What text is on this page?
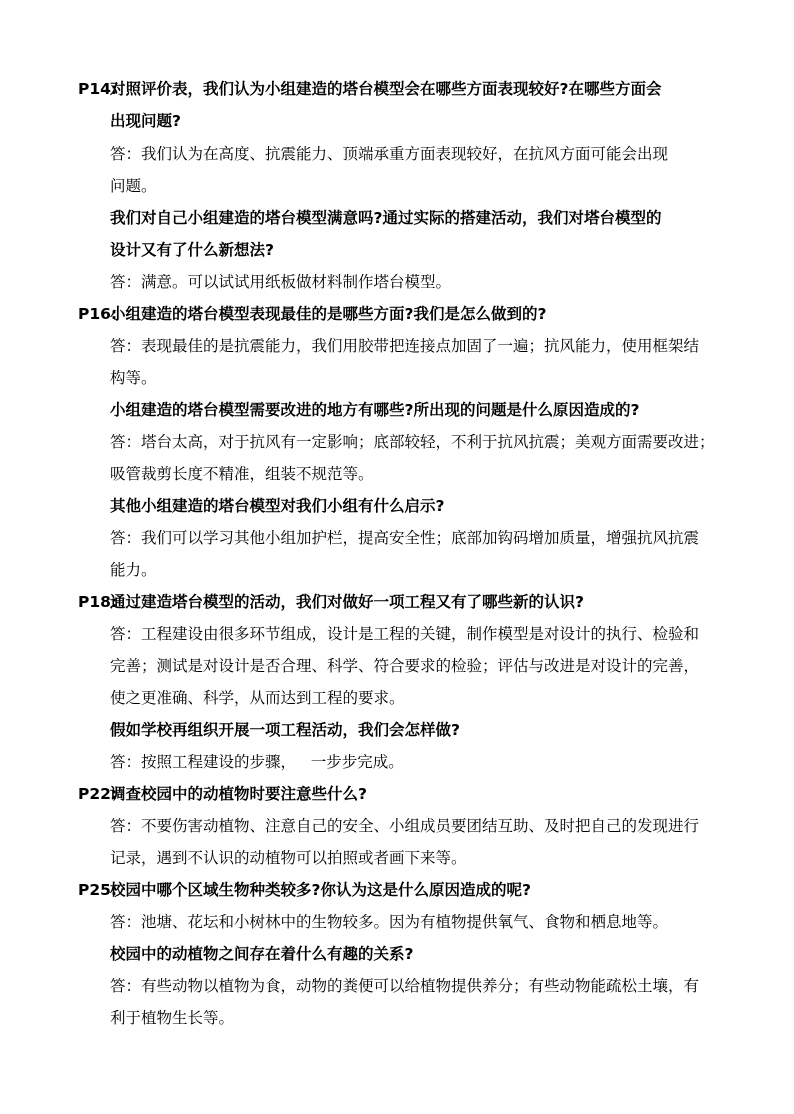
P14:
对照评价表，我们认为小组建造的塔台模型会在哪些方面表现较好?在哪些方面会
出现问题?
答：我们认为在高度、抗震能力、顶端承重方面表现较好，在抗风方面可能会出现
问题。
我们对自己小组建造的塔台模型满意吗?通过实际的搭建活动，我们对塔台模型的
设计又有了什么新想法?
答：满意。可以试试用纸板做材料制作塔台模型。
P16:
小组建造的塔台模型表现最佳的是哪些方面?我们是怎么做到的?
答：表现最佳的是抗震能力，我们用胶带把连接点加固了一遍；抗风能力，使用框架结
构等。
小组建造的塔台模型需要改进的地方有哪些?所出现的问题是什么原因造成的?
答：塔台太高，对于抗风有一定影响；底部较轻，不利于抗风抗震；美观方面需要改进；
吸管裁剪长度不精准，组装不规范等。
其他小组建造的塔台模型对我们小组有什么启示?
答：我们可以学习其他小组加护栏，提高安全性；底部加钩码增加质量，增强抗风抗震
能力。
P18:
通过建造塔台模型的活动，我们对做好一项工程又有了哪些新的认识?
答：工程建设由很多环节组成，设计是工程的关键，制作模型是对设计的执行、检验和
完善；测试是对设计是否合理、科学、符合要求的检验；评估与改进是对设计的完善，
使之更准确、科学，从而达到工程的要求。
假如学校再组织开展一项工程活动，我们会怎样做?
答：按照工程建设的步骤，   一步步完成。
P22:
调查校园中的动植物时要注意些什么?
答：不要伤害动植物、注意自己的安全、小组成员要团结互助、及时把自己的发现进行
记录，遇到不认识的动植物可以拍照或者画下来等。
P25:
校园中哪个区域生物种类较多?你认为这是什么原因造成的呢?
答：池塘、花坛和小树林中的生物较多。因为有植物提供氧气、食物和栖息地等。
校园中的动植物之间存在着什么有趣的关系?
答：有些动物以植物为食，动物的粪便可以给植物提供养分；有些动物能疏松土壤，有
利于植物生长等。
